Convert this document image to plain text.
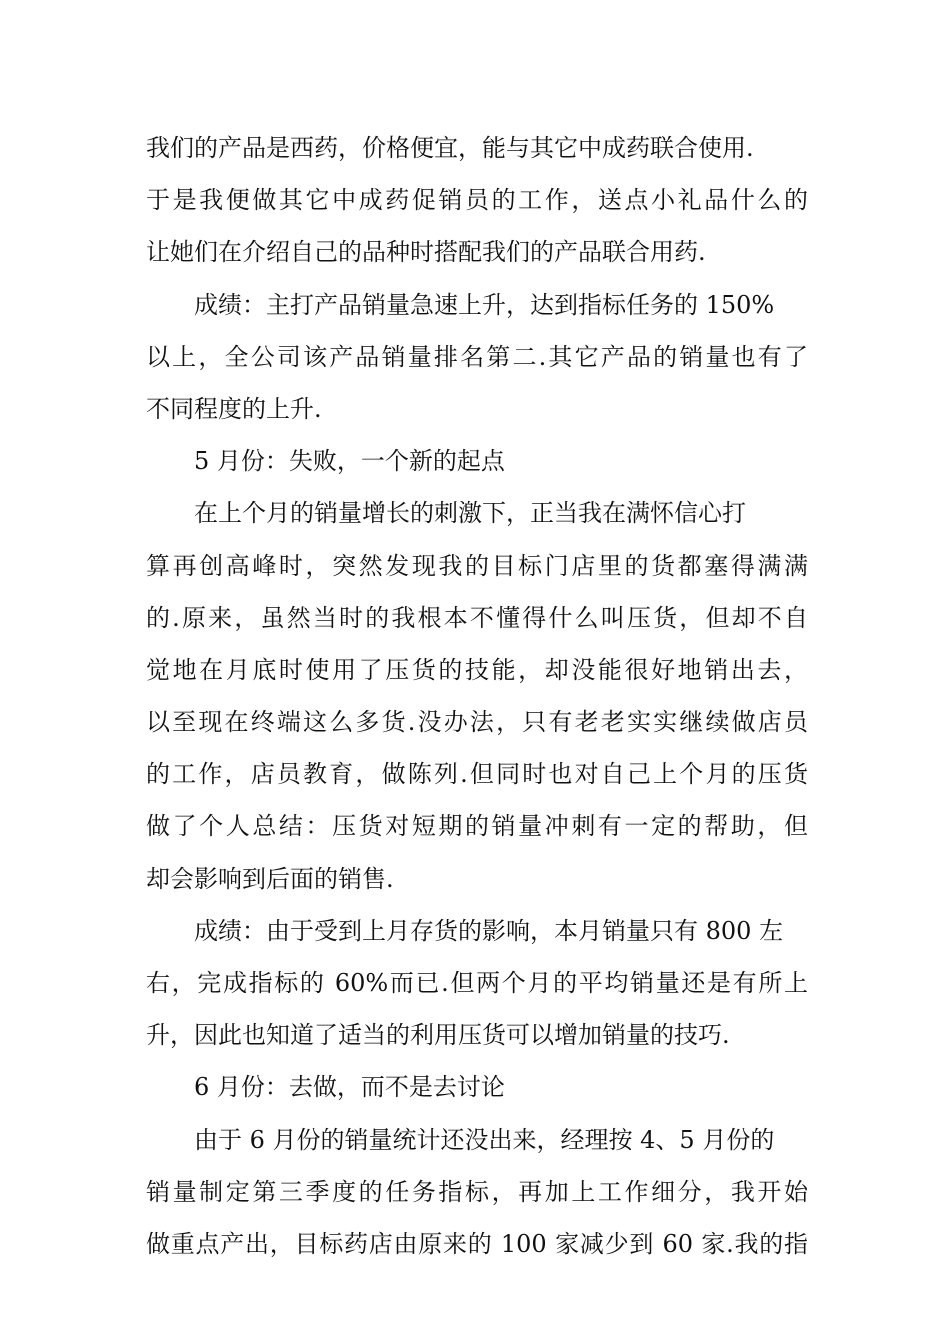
我们的产品是西药，价格便宜，能与其它中成药联合使用.
于是我便做其它中成药促销员的工作，送点小礼品什么的
让她们在介绍自己的品种时搭配我们的产品联合用药.
成绩：主打产品销量急速上升，达到指标任务的 150%
以上，全公司该产品销量排名第二.其它产品的销量也有了
不同程度的上升.
5 月份：失败，一个新的起点
在上个月的销量增长的刺激下，正当我在满怀信心打
算再创高峰时，突然发现我的目标门店里的货都塞得满满
的.原来，虽然当时的我根本不懂得什么叫压货，但却不自
觉地在月底时使用了压货的技能，却没能很好地销出去，
以至现在终端这么多货.没办法，只有老老实实继续做店员
的工作，店员教育，做陈列.但同时也对自己上个月的压货
做了个人总结：压货对短期的销量冲刺有一定的帮助，但
却会影响到后面的销售.
成绩：由于受到上月存货的影响，本月销量只有 800 左
右，完成指标的 60%而已.但两个月的平均销量还是有所上
升，因此也知道了适当的利用压货可以增加销量的技巧.
6 月份：去做，而不是去讨论
由于 6 月份的销量统计还没出来，经理按 4、5 月份的
销量制定第三季度的任务指标，再加上工作细分，我开始
做重点产出，目标药店由原来的 100 家减少到 60 家.我的指
